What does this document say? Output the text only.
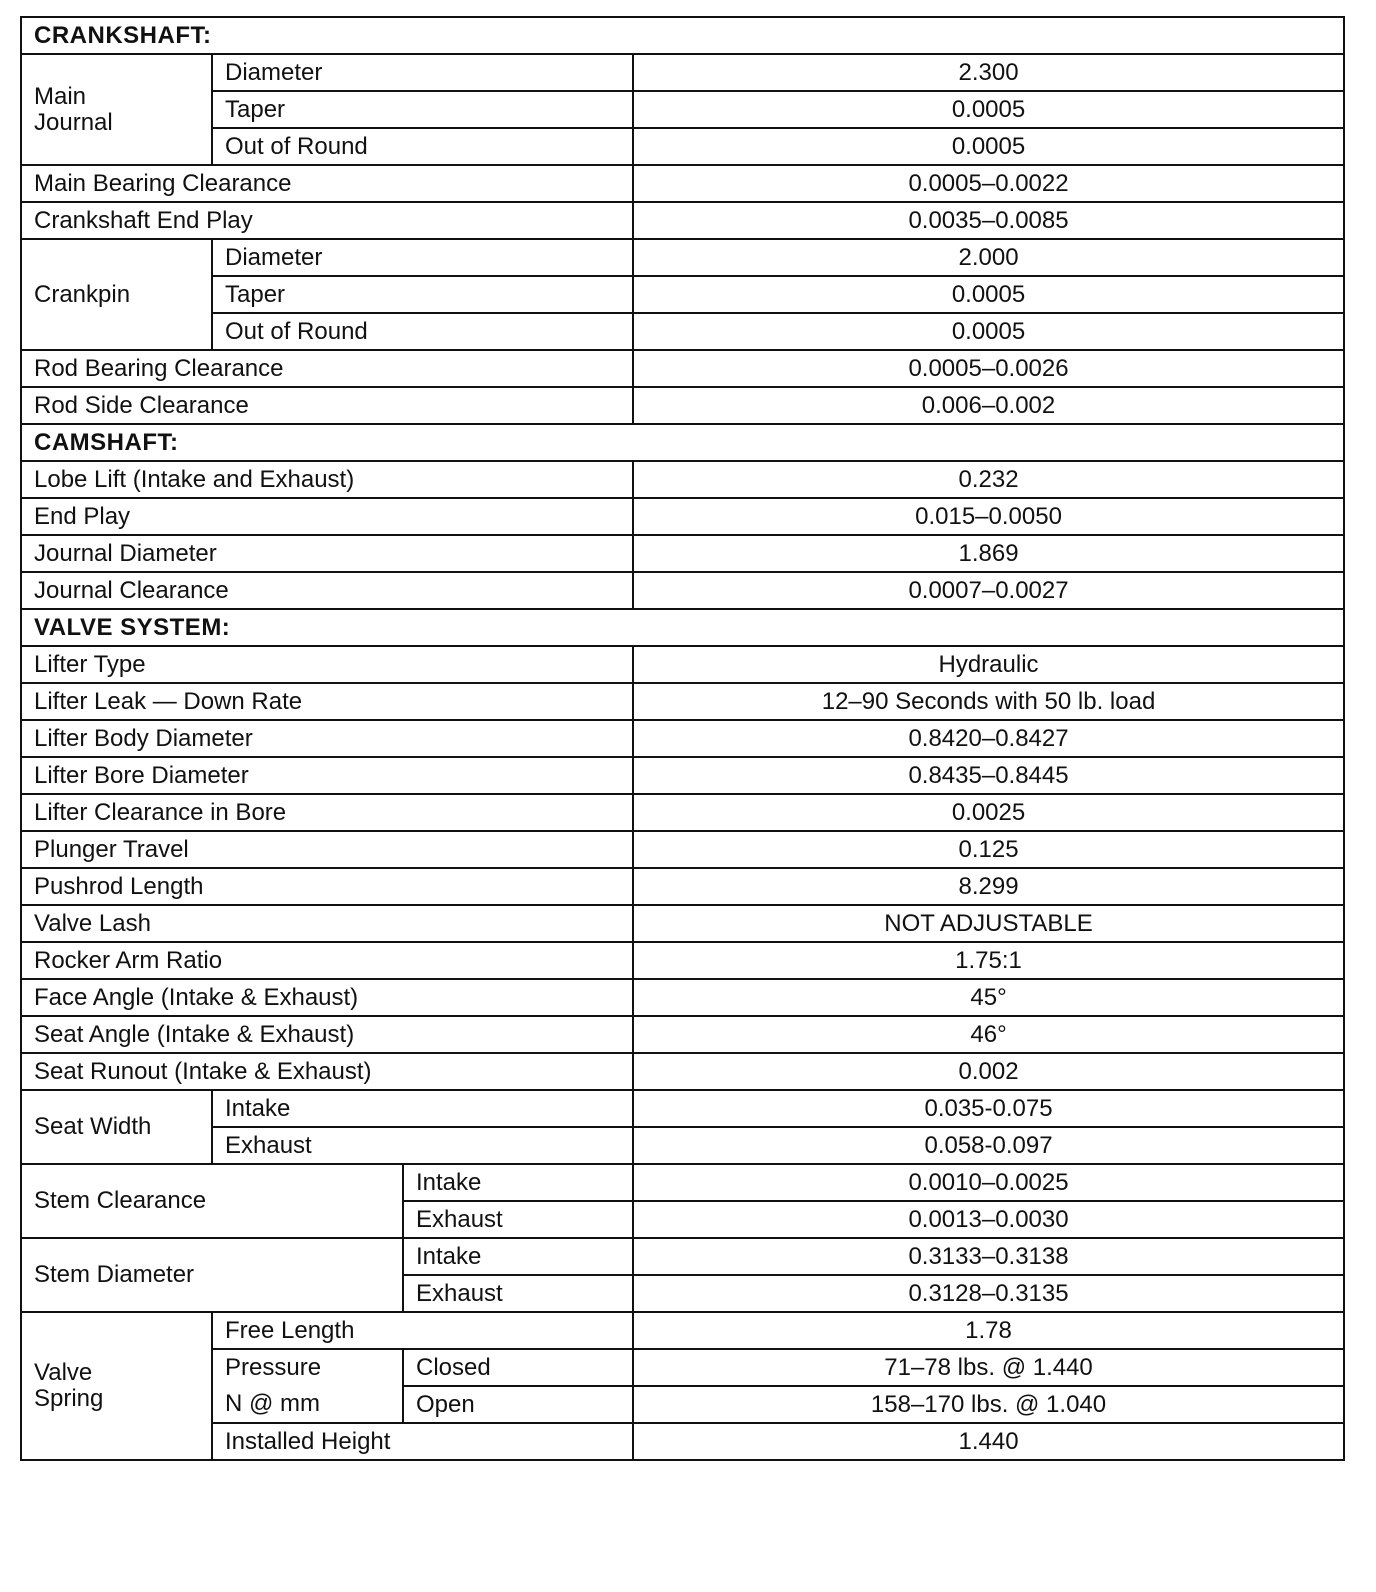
CRANKSHAFT:			

Main
Journal	Diameter		2.300
	Taper		0.0005
	Out of Round		0.0005
Main Bearing Clearance			0.0005–0.0022
Crankshaft End Play			0.0035–0.0085
Crankpin	Diameter		2.000
	Taper		0.0005
	Out of Round		0.0005
Rod Bearing Clearance			0.0005–0.0026
Rod Side Clearance			0.006–0.002
CAMSHAFT:			
Lobe Lift (Intake and Exhaust)			0.232
End Play			0.015–0.0050
Journal Diameter			1.869
Journal Clearance			0.0007–0.0027
VALVE SYSTEM:			
Lifter Type			Hydraulic
Lifter Leak — Down Rate			12–90 Seconds with 50 lb. load
Lifter Body Diameter			0.8420–0.8427
Lifter Bore Diameter			0.8435–0.8445
Lifter Clearance in Bore			0.0025
Plunger Travel			0.125
Pushrod Length			8.299
Valve Lash			NOT ADJUSTABLE
Rocker Arm Ratio			1.75:1
Face Angle (Intake & Exhaust)			45°
Seat Angle (Intake & Exhaust)			46°
Seat Runout (Intake & Exhaust)			0.002
Seat Width	Intake		0.035-0.075
	Exhaust		0.058-0.097
Stem Clearance		Intake	0.0010–0.0025
		Exhaust	0.0013–0.0030
Stem Diameter		Intake	0.3133–0.3138
		Exhaust	0.3128–0.3135

Valve
Spring	Free Length		1.78
	Pressure	Closed	71–78 lbs. @ 1.440
	N @ mm	Open	158–170 lbs. @ 1.040
	Installed Height		1.440
